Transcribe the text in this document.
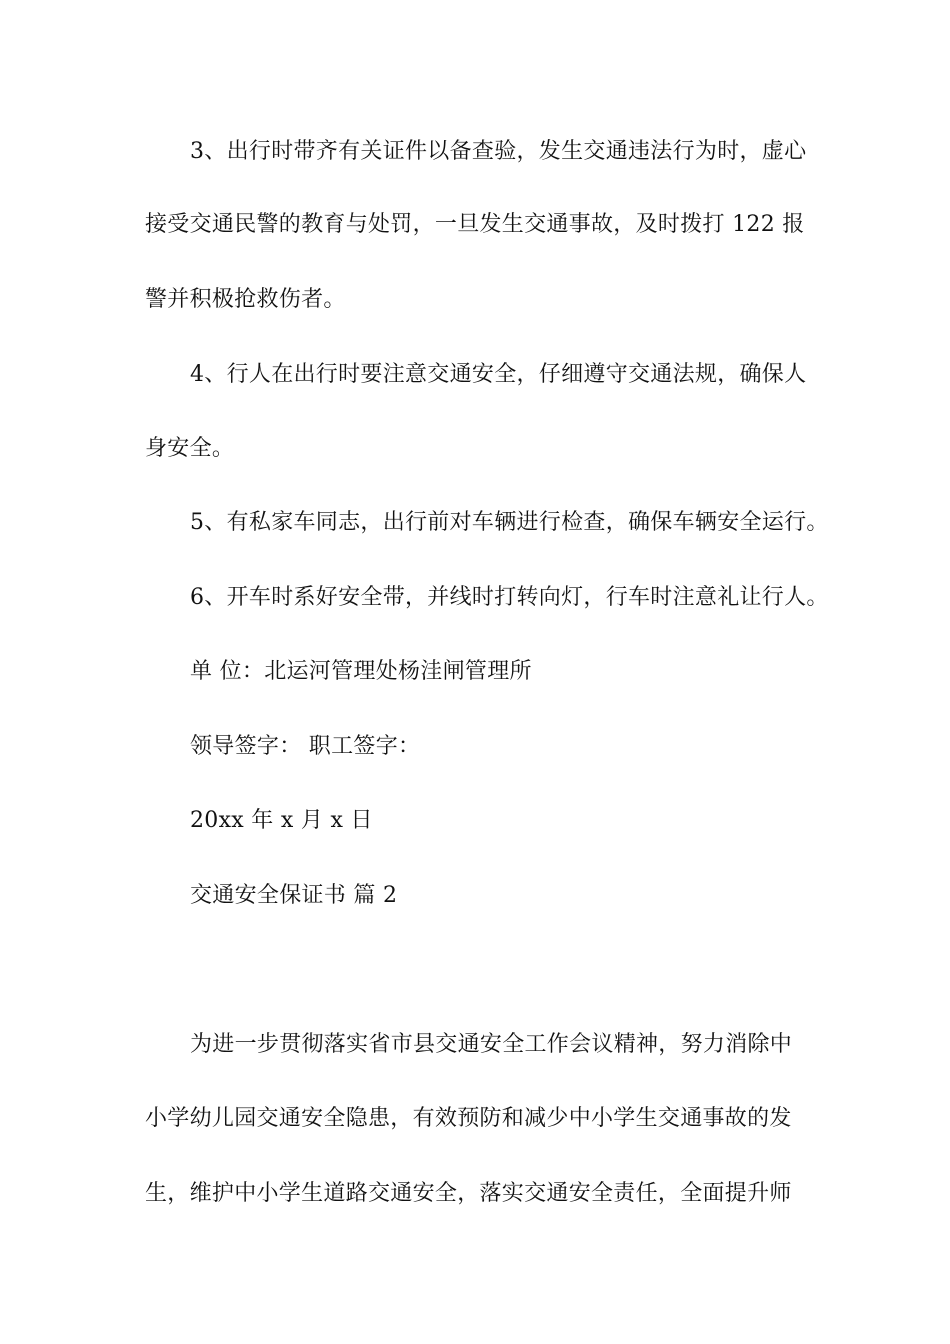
3、出行时带齐有关证件以备查验，发生交通违法行为时，虚心
接受交通民警的教育与处罚，一旦发生交通事故，及时拨打 122 报
警并积极抢救伤者。
4、行人在出行时要注意交通安全，仔细遵守交通法规，确保人
身安全。
5、有私家车同志，出行前对车辆进行检查，确保车辆安全运行。
6、开车时系好安全带，并线时打转向灯，行车时注意礼让行人。
单 位：北运河管理处杨洼闸管理所
领导签字： 职工签字：
20xx 年 x 月 x 日
交通安全保证书 篇 2
为进一步贯彻落实省市县交通安全工作会议精神，努力消除中
小学幼儿园交通安全隐患，有效预防和减少中小学生交通事故的发
生，维护中小学生道路交通安全，落实交通安全责任，全面提升师
